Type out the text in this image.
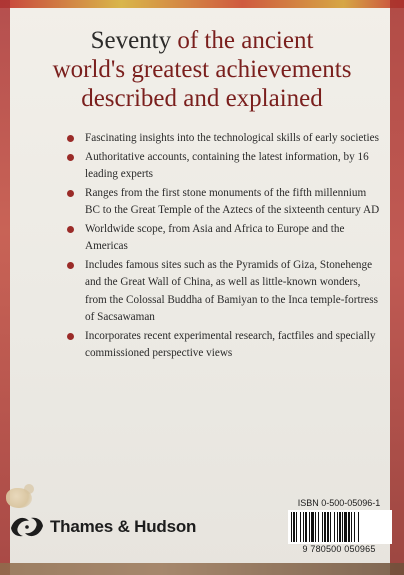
Seventy of the ancient
world's greatest achievements
described and explained
Fascinating insights into the technological skills of early societies
Authoritative accounts, containing the latest information, by 16 leading experts
Ranges from the first stone monuments of the fifth millennium BC to the Great Temple of the Aztecs of the sixteenth century AD
Worldwide scope, from Asia and Africa to Europe and the Americas
Includes famous sites such as the Pyramids of Giza, Stonehenge and the Great Wall of China, as well as little-known wonders, from the Colossal Buddha of Bamiyan to the Inca temple-fortress of Sacsawaman
Incorporates recent experimental research, factfiles and specially commissioned perspective views
Thames & Hudson
ISBN 0-500-05096-1
9 780500 050965
